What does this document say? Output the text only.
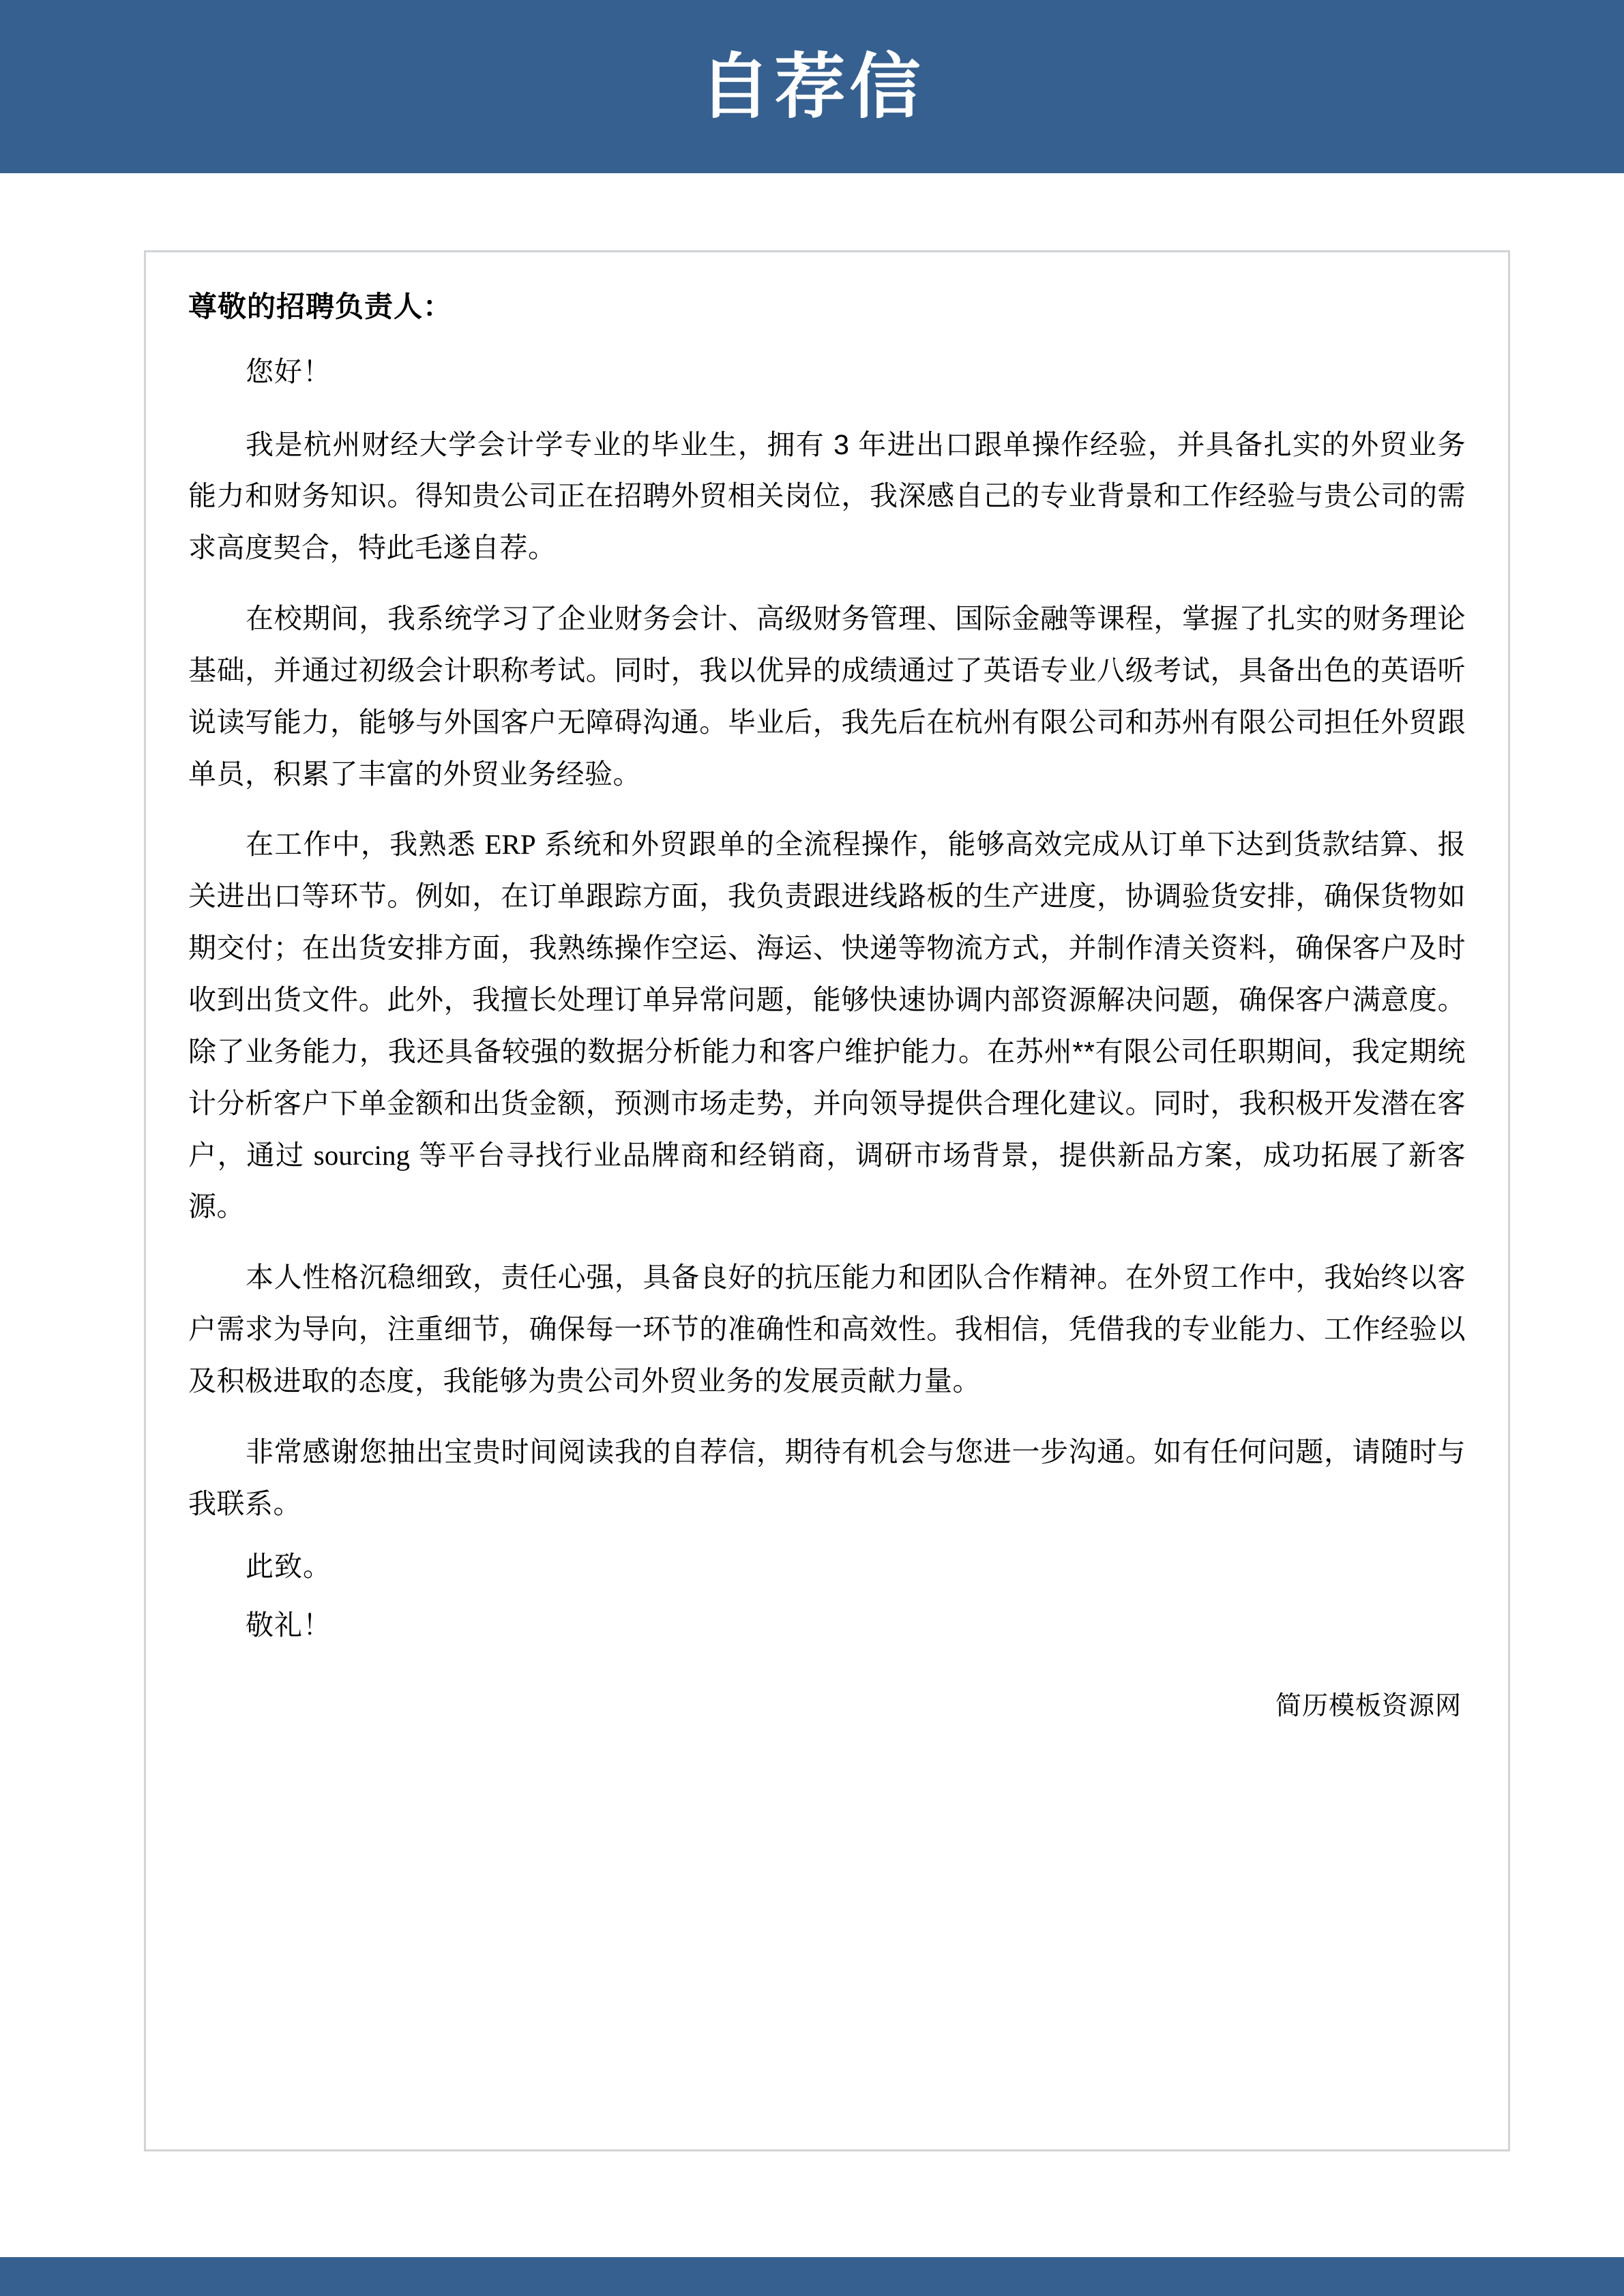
自荐信

尊敬的招聘负责人：

您好！

我是杭州财经大学会计学专业的毕业生，拥有 3 年进出口跟单操作经验，并具备扎实的外贸业务能力和财务知识。得知贵公司正在招聘外贸相关岗位，我深感自己的专业背景和工作经验与贵公司的需求高度契合，特此毛遂自荐。

在校期间，我系统学习了企业财务会计、高级财务管理、国际金融等课程，掌握了扎实的财务理论基础，并通过初级会计职称考试。同时，我以优异的成绩通过了英语专业八级考试，具备出色的英语听说读写能力，能够与外国客户无障碍沟通。毕业后，我先后在杭州有限公司和苏州有限公司担任外贸跟单员，积累了丰富的外贸业务经验。

在工作中，我熟悉 ERP 系统和外贸跟单的全流程操作，能够高效完成从订单下达到货款结算、报关进出口等环节。例如，在订单跟踪方面，我负责跟进线路板的生产进度，协调验货安排，确保货物如期交付；在出货安排方面，我熟练操作空运、海运、快递等物流方式，并制作清关资料，确保客户及时收到出货文件。此外，我擅长处理订单异常问题，能够快速协调内部资源解决问题，确保客户满意度。除了业务能力，我还具备较强的数据分析能力和客户维护能力。在苏州**有限公司任职期间，我定期统计分析客户下单金额和出货金额，预测市场走势，并向领导提供合理化建议。同时，我积极开发潜在客户，通过 sourcing 等平台寻找行业品牌商和经销商，调研市场背景，提供新品方案，成功拓展了新客源。

本人性格沉稳细致，责任心强，具备良好的抗压能力和团队合作精神。在外贸工作中，我始终以客户需求为导向，注重细节，确保每一环节的准确性和高效性。我相信，凭借我的专业能力、工作经验以及积极进取的态度，我能够为贵公司外贸业务的发展贡献力量。

非常感谢您抽出宝贵时间阅读我的自荐信，期待有机会与您进一步沟通。如有任何问题，请随时与我联系。

此致。

敬礼！

简历模板资源网
